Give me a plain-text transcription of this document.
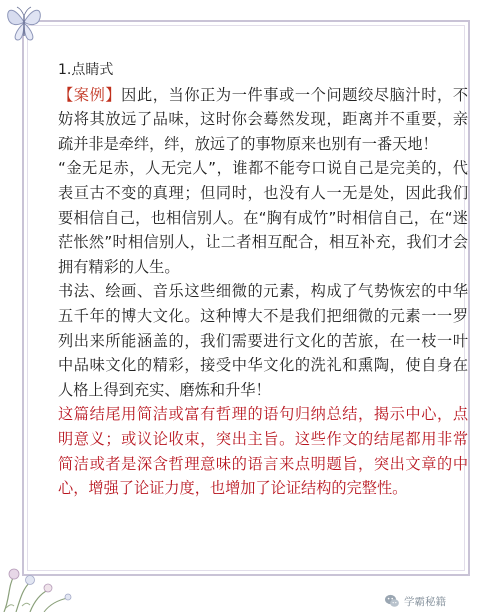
1.点睛式

【案例】因此，当你正为一件事或一个问题绞尽脑汁时，不妨将其放远了品味，这时你会蓦然发现，距离并不重要，亲疏并非是牵绊，绊，放远了的事物原来也别有一番天地！

“金无足赤，人无完人”，谁都不能夸口说自己是完美的，代表亘古不变的真理；但同时，也没有人一无是处，因此我们要相信自己，也相信别人。在“胸有成竹”时相信自己，在“迷茫怅然”时相信别人，让二者相互配合，相互补充，我们才会拥有精彩的人生。

书法、绘画、音乐这些细微的元素，构成了气势恢宏的中华五千年的博大文化。这种博大不是我们把细微的元素一一罗列出来所能涵盖的，我们需要进行文化的苦旅，在一枝一叶中品味文化的精彩，接受中华文化的洗礼和熏陶，使自身在人格上得到充实、磨炼和升华！

这篇结尾用简洁或富有哲理的语句归纳总结，揭示中心，点明意义；或议论收束，突出主旨。这些作文的结尾都用非常简洁或者是深含哲理意味的语言来点明题旨，突出文章的中心，增强了论证力度，也增加了论证结构的完整性。

学霸秘籍
